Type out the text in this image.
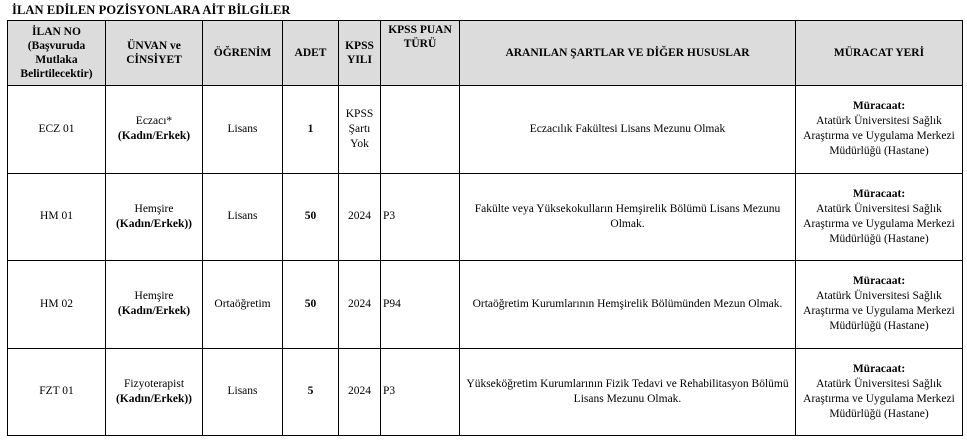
İLAN EDİLEN POZİSYONLARA AİT BİLGİLER
İLAN NO
(Başvuruda Mutlaka Belirtilecektir)	ÜNVAN ve CİNSİYET	ÖĞRENİM	ADET	KPSS YILI	KPSS PUAN TÜRÜ	ARANILAN ŞARTLAR VE DİĞER HUSUSLAR	MÜRACAT YERİ
ECZ 01	Eczacı*
(Kadın/Erkek)	Lisans	1	KPSS Şartı Yok		Eczacılık Fakültesi Lisans Mezunu Olmak	Müracaat:
Atatürk Üniversitesi Sağlık Araştırma ve Uygulama Merkezi Müdürlüğü (Hastane)

HM 01	Hemşire
(Kadın/Erkek))	Lisans	50	2024	P3	Fakülte veya Yüksekokulların Hemşirelik Bölümü Lisans Mezunu Olmak.	Müracaat:
Atatürk Üniversitesi Sağlık Araştırma ve Uygulama Merkezi Müdürlüğü (Hastane)

HM 02	Hemşire
(Kadın/Erkek)	Ortaöğretim	50	2024	P94	Ortaöğretim Kurumlarının Hemşirelik Bölümünden Mezun Olmak.	Müracaat:
Atatürk Üniversitesi Sağlık Araştırma ve Uygulama Merkezi Müdürlüğü (Hastane)

FZT 01	Fizyoterapist
(Kadın/Erkek))	Lisans	5	2024	P3	Yükseköğretim Kurumlarının Fizik Tedavi ve Rehabilitasyon Bölümü Lisans Mezunu Olmak.	Müracaat:
Atatürk Üniversitesi Sağlık Araştırma ve Uygulama Merkezi Müdürlüğü (Hastane)
